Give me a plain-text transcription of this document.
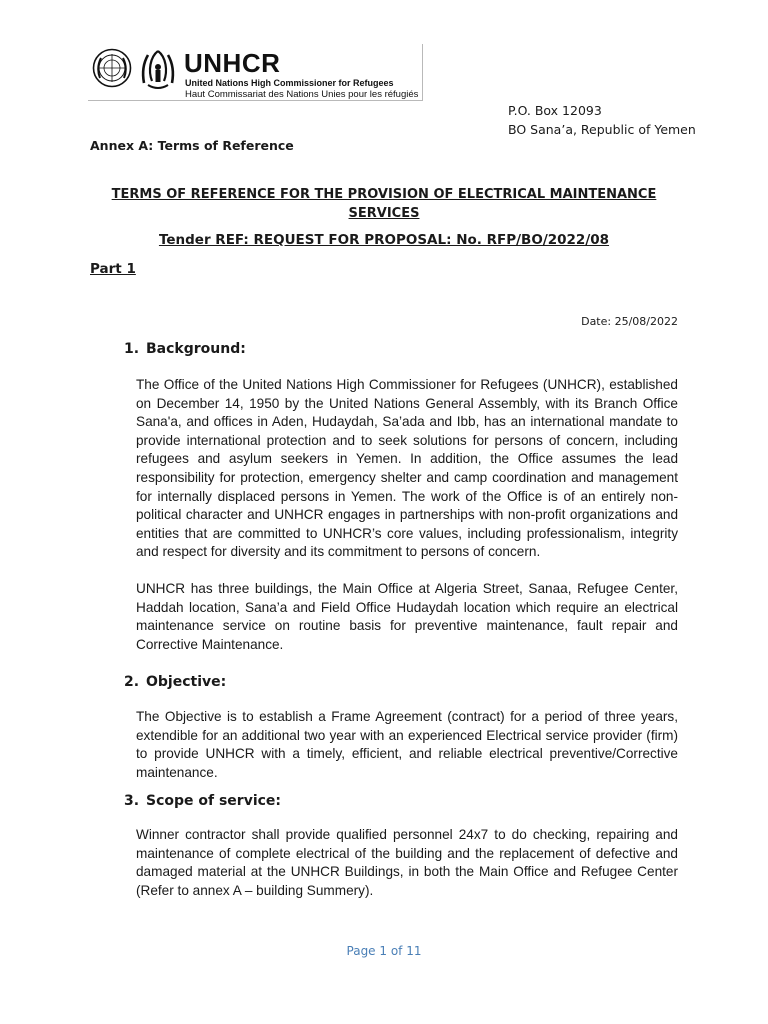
UNHCR
United Nations High Commissioner for Refugees
Haut Commissariat des Nations Unies pour les réfugiés
P.O. Box 12093
BO Sana’a, Republic of Yemen
Annex A: Terms of Reference
TERMS OF REFERENCE FOR THE PROVISION OF ELECTRICAL MAINTENANCE
SERVICES
Tender REF: REQUEST FOR PROPOSAL: No. RFP/BO/2022/08
Part 1
Date: 25/08/2022
1. Background:

The Office of the United Nations High Commissioner for Refugees (UNHCR), established on December 14, 1950 by the United Nations General Assembly, with its Branch Office Sana'a, and offices in Aden, Hudaydah, Sa’ada and Ibb, has an international mandate to provide international protection and to seek solutions for persons of concern, including refugees and asylum seekers in Yemen. In addition, the Office assumes the lead responsibility for protection, emergency shelter and camp coordination and management for internally displaced persons in Yemen. The work of the Office is of an entirely non-political character and UNHCR engages in partnerships with non-profit organizations and entities that are committed to UNHCR’s core values, including professionalism, integrity and respect for diversity and its commitment to persons of concern.

UNHCR has three buildings, the Main Office at Algeria Street, Sanaa, Refugee Center, Haddah location, Sana’a and Field Office Hudaydah location which require an electrical maintenance service on routine basis for preventive maintenance, fault repair and Corrective Maintenance.

2. Objective:

The Objective is to establish a Frame Agreement (contract) for a period of three years, extendible for an additional two year with an experienced Electrical service provider (firm) to provide UNHCR with a timely, efficient, and reliable electrical preventive/Corrective maintenance.

3. Scope of service:

Winner contractor shall provide qualified personnel 24x7 to do checking, repairing and maintenance of complete electrical of the building and the replacement of defective and damaged material at the UNHCR Buildings, in both the Main Office and Refugee Center (Refer to annex A – building Summery).

Page 1 of 11
